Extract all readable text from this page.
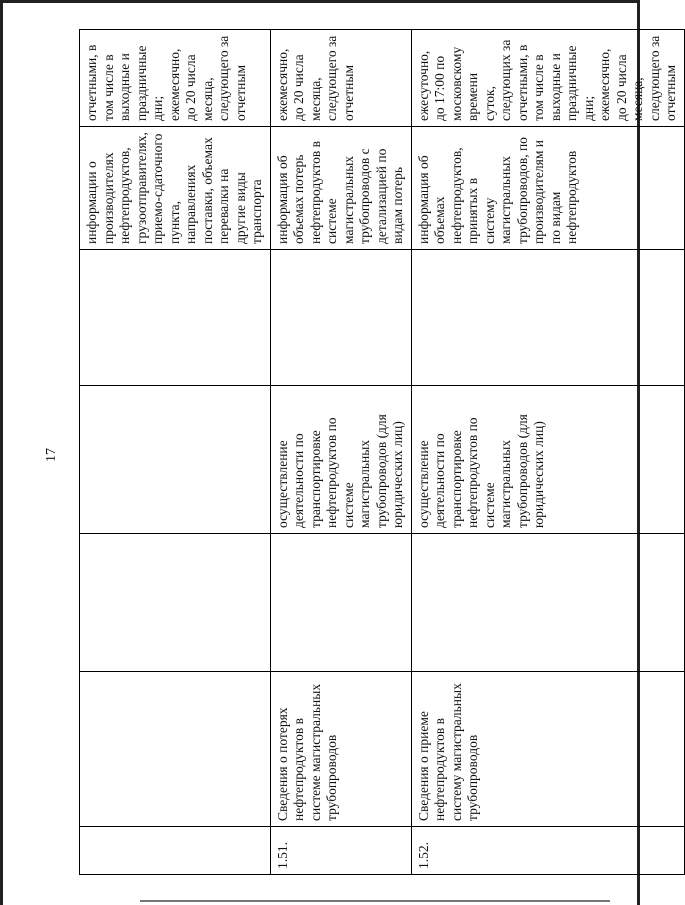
17

					информации о производителях нефтепродуктов, грузоотправителях, приемо-сдаточного пункта, направлениях поставки, объемах перевалки на другие виды транспорта	отчетными, в том числе в выходные и праздничные дни; ежемесячно, до 20 числа месяца, следующего за отчетным

1.51.	Сведения о потерях нефтепродуктов в системе магистральных трубопроводов		осуществление деятельности по транспортировке нефтепродуктов по системе магистральных трубопроводов (для юридических лиц)		информация об объемах потерь нефтепродуктов в системе магистральных трубопроводов с детализацией по видам потерь	ежемесячно, до 20 числа месяца, следующего за отчетным

1.52.	Сведения о приеме нефтепродуктов в систему магистральных трубопроводов		осуществление деятельности по транспортировке нефтепродуктов по системе магистральных трубопроводов (для юридических лиц)		информация об объемах нефтепродуктов, принятых в систему магистральных трубопроводов, по производителям и по видам нефтепродуктов	ежесуточно, до 17:00 по московскому времени суток, следующих за отчетными, в том числе в выходные и праздничные дни; ежемесячно, до 20 числа месяца, следующего за отчетным
